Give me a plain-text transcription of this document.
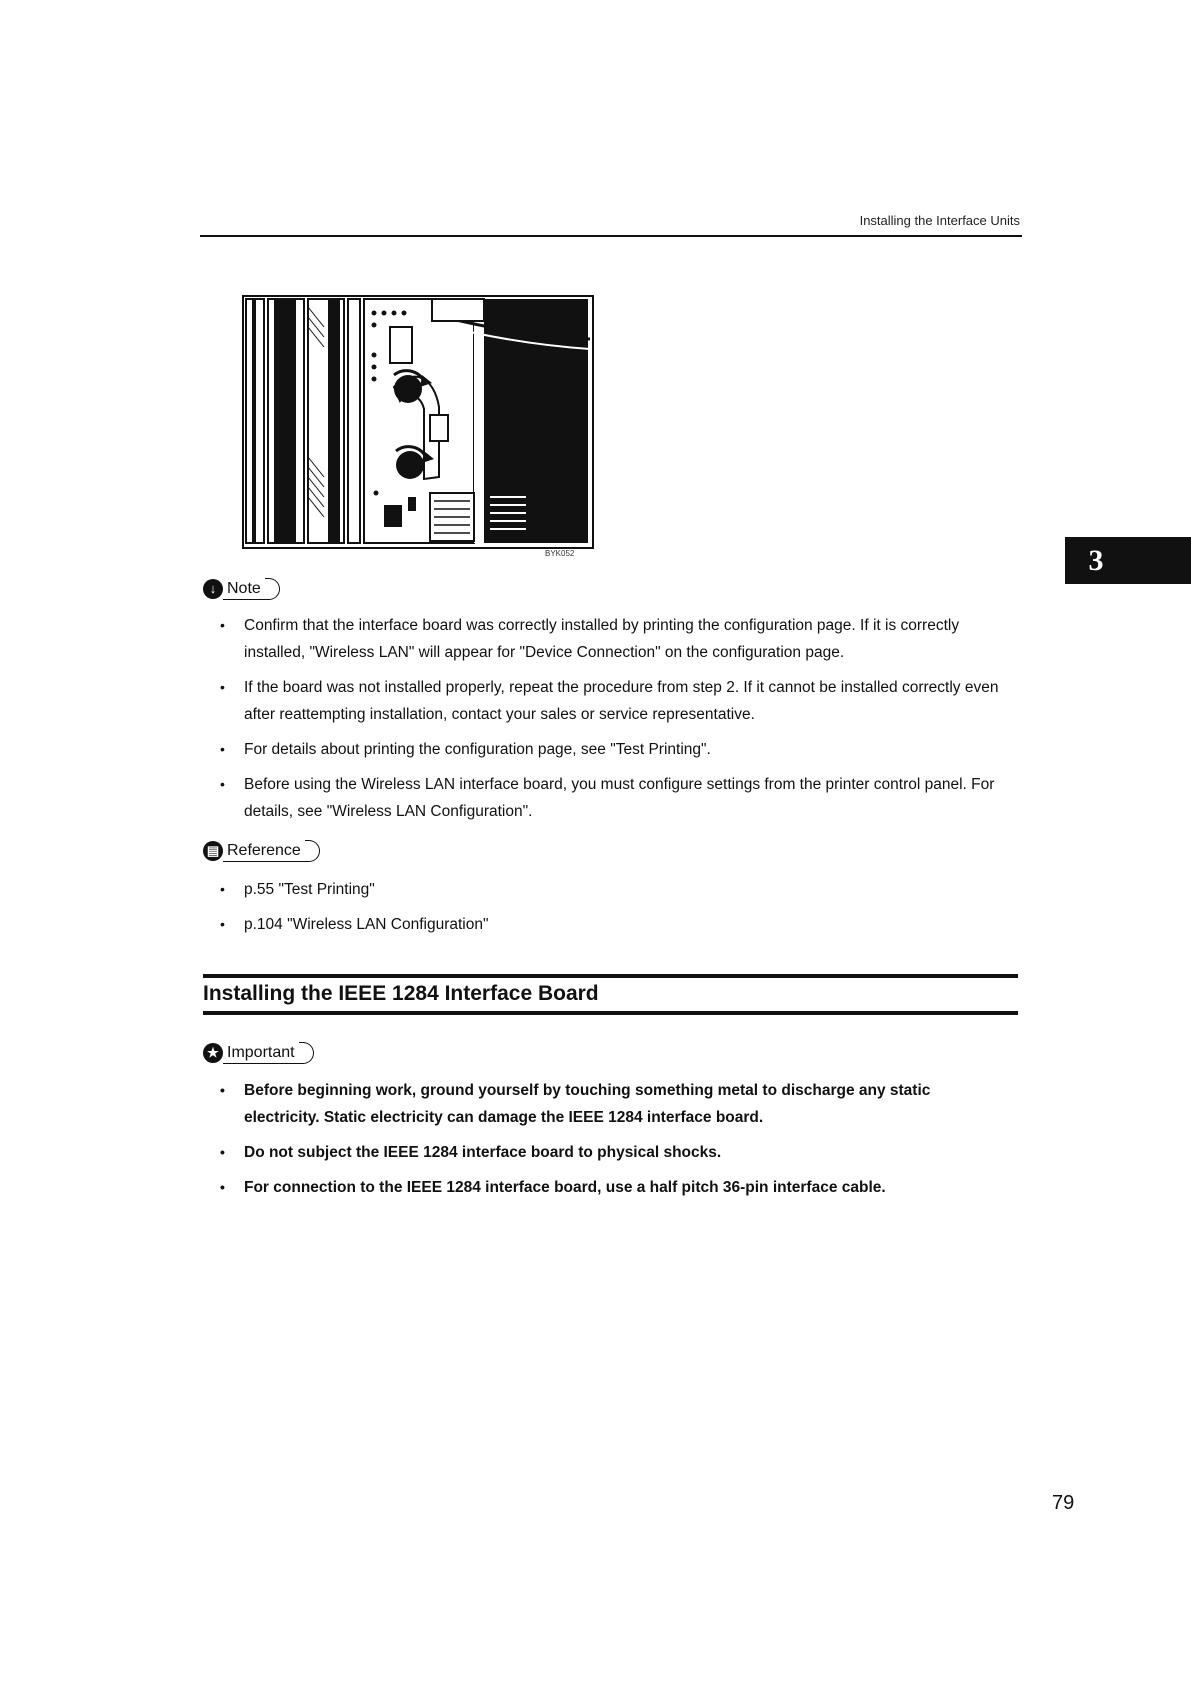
Installing the Interface Units
BYK052	3
↓ Note
• Confirm that the interface board was correctly installed by printing the configuration page. If it is correctly installed, "Wireless LAN" will appear for "Device Connection" on the configuration page.
• If the board was not installed properly, repeat the procedure from step 2. If it cannot be installed correctly even after reattempting installation, contact your sales or service representative.
• For details about printing the configuration page, see "Test Printing".
• Before using the Wireless LAN interface board, you must configure settings from the printer control panel. For details, see "Wireless LAN Configuration".
▤ Reference
• p.55 "Test Printing"
• p.104 "Wireless LAN Configuration"
Installing the IEEE 1284 Interface Board
★ Important
• Before beginning work, ground yourself by touching something metal to discharge any static electricity. Static electricity can damage the IEEE 1284 interface board.
• Do not subject the IEEE 1284 interface board to physical shocks.
• For connection to the IEEE 1284 interface board, use a half pitch 36-pin interface cable.
79
